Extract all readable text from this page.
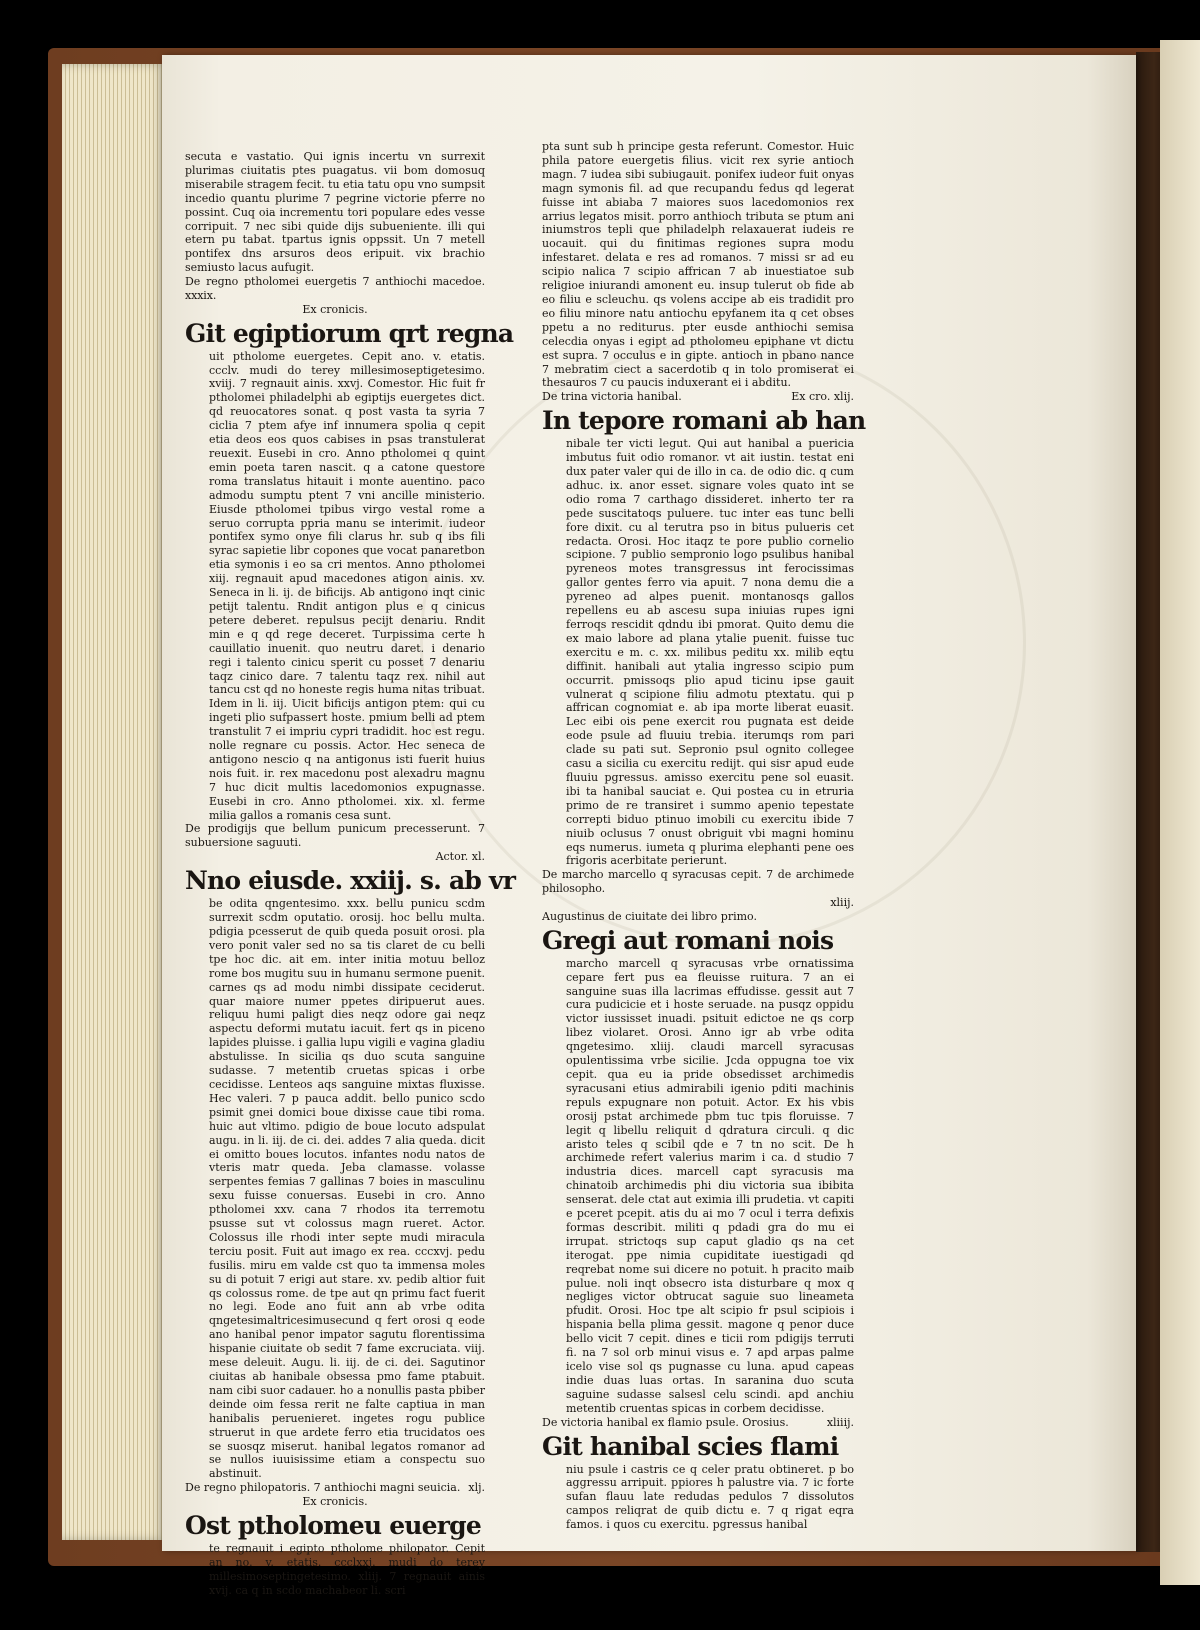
secuta e vastatio. Qui ignis incertu vn surrexit plurimas ciuitatis ptes puagatus. vii bom domosuq miserabile stragem fecit. tu etia tatu opu vno sumpsit incedio quantu plurime 7 pegrine victorie pferre no possint. Cuq oia incrementu tori populare edes vesse corripuit. 7 nec sibi quide dijs subueniente. illi qui etern pu tabat. tpartus ignis oppssit. Un 7 metell pontifex dns arsuros deos eripuit. vix brachio semiusto lacus aufugit.

De regno ptholomei euergetis 7 anthiochi macedoe. xxxix.

Ex cronicis.

Git egiptiorum qrt regna

uit ptholome euergetes. Cepit ano. v. etatis. ccclv. mudi do terey millesimoseptigetesimo. xviij. 7 regnauit ainis. xxvj. Comestor. Hic fuit fr ptholomei philadelphi ab egiptijs euergetes dict. qd reuocatores sonat. q post vasta ta syria 7 ciclia 7 ptem afye inf innumera spolia q cepit etia deos eos quos cabises in psas transtulerat reuexit. Eusebi in cro. Anno ptholomei q quint emin poeta taren nascit. q a catone questore roma translatus hitauit i monte auentino. paco admodu sumptu ptent 7 vni ancille ministerio. Eiusde ptholomei tpibus virgo vestal rome a seruo corrupta ppria manu se interimit. iudeor pontifex symo onye fili clarus hr. sub q ibs fili syrac sapietie libr copones que vocat panaretbon etia symonis i eo sa cri mentos. Anno ptholomei xiij. regnauit apud macedones atigon ainis. xv. Seneca in li. ij. de bificijs. Ab antigono inqt cinic petijt talentu. Rndit antigon plus e q cinicus petere deberet. repulsus pecijt denariu. Rndit min e q qd rege deceret. Turpissima certe h cauillatio inuenit. quo neutru daret. i denario regi i talento cinicu sperit cu posset 7 denariu taqz cinico dare. 7 talentu taqz rex. nihil aut tancu cst qd no honeste regis huma nitas tribuat. Idem in li. iij. Uicit bificijs antigon ptem: qui cu ingeti plio sufpassert hoste. pmium belli ad ptem transtulit 7 ei impriu cypri tradidit. hoc est regu. nolle regnare cu possis. Actor. Hec seneca de antigono nescio q na antigonus isti fuerit huius nois fuit. ir. rex macedonu post alexadru magnu 7 huc dicit multis lacedomonios expugnasse. Eusebi in cro. Anno ptholomei. xix. xl. ferme milia gallos a romanis cesa sunt.

De prodigijs que bellum punicum precesserunt. 7 subuersione saguuti.
Actor. xl.
Nno eiusde. xxiij. s. ab vr

be odita qngentesimo. xxx. bellu punicu scdm surrexit scdm oputatio. orosij. hoc bellu multa. pdigia pcesserut de quib queda posuit orosi. pla vero ponit valer sed no sa tis claret de cu belli tpe hoc dic. ait em. inter initia motuu belloz rome bos mugitu suu in humanu sermone puenit. carnes qs ad modu nimbi dissipate ceciderut. quar maiore numer ppetes diripuerut aues. reliquu humi paligt dies neqz odore gai neqz aspectu deformi mutatu iacuit. fert qs in piceno lapides pluisse. i gallia lupu vigili e vagina gladiu abstulisse. In sicilia qs duo scuta sanguine sudasse. 7 metentib cruetas spicas i orbe cecidisse. Lenteos aqs sanguine mixtas fluxisse. Hec valeri. 7 p pauca addit. bello punico scdo psimit gnei domici boue dixisse caue tibi roma. huic aut vltimo. pdigio de boue locuto adspulat augu. in li. iij. de ci. dei. addes 7 alia queda. dicit ei omitto boues locutos. infantes nodu natos de vteris matr queda. Jeba clamasse. volasse serpentes femias 7 gallinas 7 boies in masculinu sexu fuisse conuersas. Eusebi in cro. Anno ptholomei xxv. cana 7 rhodos ita terremotu psusse sut vt colossus magn rueret. Actor. Colossus ille rhodi inter septe mudi miracula terciu posit. Fuit aut imago ex rea. cccxvj. pedu fusilis. miru em valde cst quo ta immensa moles su di potuit 7 erigi aut stare. xv. pedib altior fuit qs colossus rome. de tpe aut qn primu fact fuerit no legi. Eode ano fuit ann ab vrbe odita qngetesimaltricesimusecund q fert orosi q eode ano hanibal penor impator sagutu florentissima hispanie ciuitate ob sedit 7 fame excruciata. viij. mese deleuit. Augu. li. iij. de ci. dei. Sagutinor ciuitas ab hanibale obsessa pmo fame ptabuit. nam cibi suor cadauer. ho a nonullis pasta pbiber deinde oim fessa rerit ne falte captiua in man hanibalis peruenieret. ingetes rogu publice struerut in que ardete ferro etia trucidatos oes se suosqz miserut. hanibal legatos romanor ad se nullos iuuisissime etiam a conspectu suo abstinuit.

De regno philopatoris. 7 anthiochi magni seuicia. xlj.

Ex cronicis.

Ost ptholomeu euerge

te regnauit i egipto ptholome philopator. Cepit an no. v. etatis. ccclxxj. mudi do terey millesimoseptingetesimo. xliij. 7 regnauit ainis xvij. ca q in scdo machabeor li. scri

pta sunt sub h principe gesta referunt. Comestor. Huic phila patore euergetis filius. vicit rex syrie antioch magn. 7 iudea sibi subiugauit. ponifex iudeor fuit onyas magn symonis fil. ad que recupandu fedus qd legerat fuisse int abiaba 7 maiores suos lacedomonios rex arrius legatos misit. porro anthioch tributa se ptum ani iniumstros tepli que philadelph relaxauerat iudeis re uocauit. qui du finitimas regiones supra modu infestaret. delata e res ad romanos. 7 missi sr ad eu scipio nalica 7 scipio affrican 7 ab inuestiatoe sub religioe iniurandi amonent eu. insup tulerut ob fide ab eo filiu e scleuchu. qs volens accipe ab eis tradidit pro eo filiu minore natu antiochu epyfanem ita q cet obses ppetu a no rediturus. pter eusde anthiochi semisa celecdia onyas i egipt ad ptholomeu epiphane vt dictu est supra. 7 occulus e in gipte. antioch in pbano nance 7 mebratim ciect a sacerdotib q in tolo promiserat ei thesauros 7 cu paucis induxerant ei i abditu.

De trina victoria hanibal.	Ex cro. xlij.
In tepore romani ab han

nibale ter victi legut. Qui aut hanibal a puericia imbutus fuit odio romanor. vt ait iustin. testat eni dux pater valer qui de illo in ca. de odio dic. q cum adhuc. ix. anor esset. signare voles quato int se odio roma 7 carthago dissideret. inherto ter ra pede suscitatoqs puluere. tuc inter eas tunc belli fore dixit. cu al terutra pso in bitus pulueris cet redacta. Orosi. Hoc itaqz te pore publio cornelio scipione. 7 publio sempronio logo psulibus hanibal pyreneos motes transgressus int ferocissimas gallor gentes ferro via apuit. 7 nona demu die a pyreneo ad alpes puenit. montanosqs gallos repellens eu ab ascesu supa iniuias rupes igni ferroqs rescidit qdndu ibi pmorat. Quito demu die ex maio labore ad plana ytalie puenit. fuisse tuc exercitu e m. c. xx. milibus peditu xx. milib eqtu diffinit. hanibali aut ytalia ingresso scipio pum occurrit. pmissoqs plio apud ticinu ipse gauit vulnerat q scipione filiu admotu ptextatu. qui p affrican cognomiat e. ab ipa morte liberat euasit. Lec eibi ois pene exercit rou pugnata est deide eode psule ad fluuiu trebia. iterumqs rom pari clade su pati sut. Sepronio psul ognito collegee casu a sicilia cu exercitu redijt. qui sisr apud eude fluuiu pgressus. amisso exercitu pene sol euasit. ibi ta hanibal sauciat e. Qui postea cu in etruria primo de re transiret i summo apenio tepestate correpti biduo ptinuo imobili cu exercitu ibide 7 niuib oclusus 7 onust obriguit vbi magni hominu eqs numerus. iumeta q plurima elephanti pene oes frigoris acerbitate perierunt.

De marcho marcello q syracusas cepit. 7 de archimede philosopho.

xliij.

Augustinus de ciuitate dei libro primo.

Gregi aut romani nois

marcho marcell q syracusas vrbe ornatissima cepare fert pus ea fleuisse ruitura. 7 an ei sanguine suas illa lacrimas effudisse. gessit aut 7 cura pudicicie et i hoste seruade. na pusqz oppidu victor iussisset inuadi. psituit edictoe ne qs corp libez violaret. Orosi. Anno igr ab vrbe odita qngetesimo. xliij. claudi marcell syracusas opulentissima vrbe sicilie. Jcda oppugna toe vix cepit. qua eu ia pride obsedisset archimedis syracusani etius admirabili igenio pditi machinis repuls expugnare non potuit. Actor. Ex his vbis orosij pstat archimede pbm tuc tpis floruisse. 7 legit q libellu reliquit d qdratura circuli. q dic aristo teles q scibil qde e 7 tn no scit. De h archimede refert valerius marim i ca. d studio 7 industria dices. marcell capt syracusis ma chinatoib archimedis phi diu victoria sua ibibita senserat. dele ctat aut eximia illi prudetia. vt capiti e pceret pcepit. atis du ai mo 7 ocul i terra defixis formas describit. militi q pdadi gra do mu ei irrupat. strictoqs sup caput gladio qs na cet iterogat. ppe nimia cupiditate iuestigadi qd reqrebat nome sui dicere no potuit. h pracito maib pulue. noli inqt obsecro ista disturbare q mox q negliges victor obtrucat saguie suo lineameta pfudit. Orosi. Hoc tpe alt scipio fr psul scipiois i hispania bella plima gessit. magone q penor duce bello vicit 7 cepit. dines e ticii rom pdigijs terruti fi. na 7 sol orb minui visus e. 7 apd arpas palme icelo vise sol qs pugnasse cu luna. apud capeas indie duas luas ortas. In saranina duo scuta saguine sudasse salsesl celu scindi. apd anchiu metentib cruentas spicas in corbem decidisse.

De victoria hanibal ex flamio psule. Orosius.	xliiij.
Git hanibal scies flami

niu psule i castris ce q celer pratu obtineret. p bo aggressu arripuit. ppiores h palustre via. 7 ic forte sufan flauu late redudas pedulos 7 dissolutos campos reliqrat de quib dictu e. 7 q rigat eqra famos. i quos cu exercitu. pgressus hanibal
